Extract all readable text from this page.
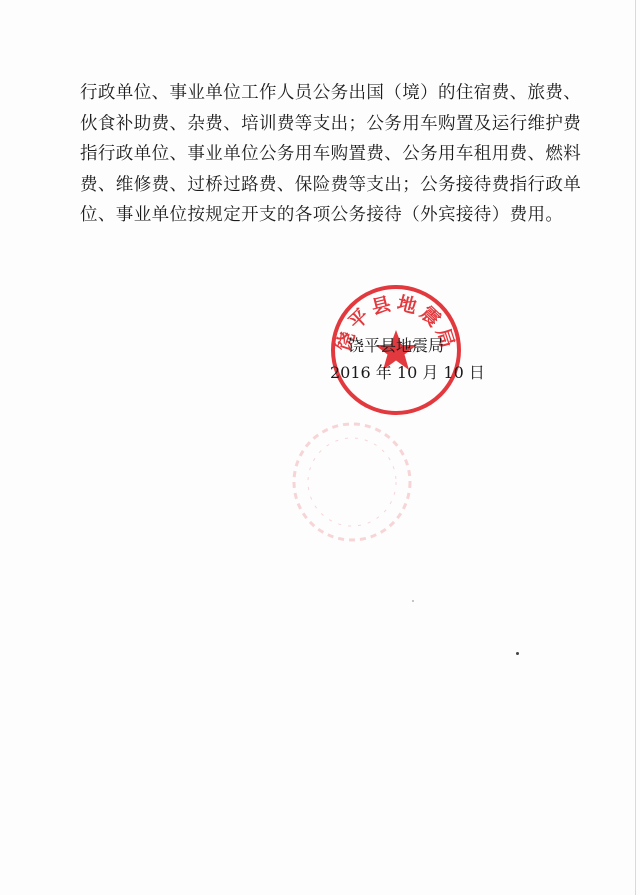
行政单位、事业单位工作人员公务出国（境）的住宿费、旅费、
伙食补助费、杂费、培训费等支出；公务用车购置及运行维护费
指行政单位、事业单位公务用车购置费、公务用车租用费、燃料
费、维修费、过桥过路费、保险费等支出；公务接待费指行政单
位、事业单位按规定开支的各项公务接待（外宾接待）费用。
饶平县地震局
饶平县地震局
2016 年 10 月 10 日
